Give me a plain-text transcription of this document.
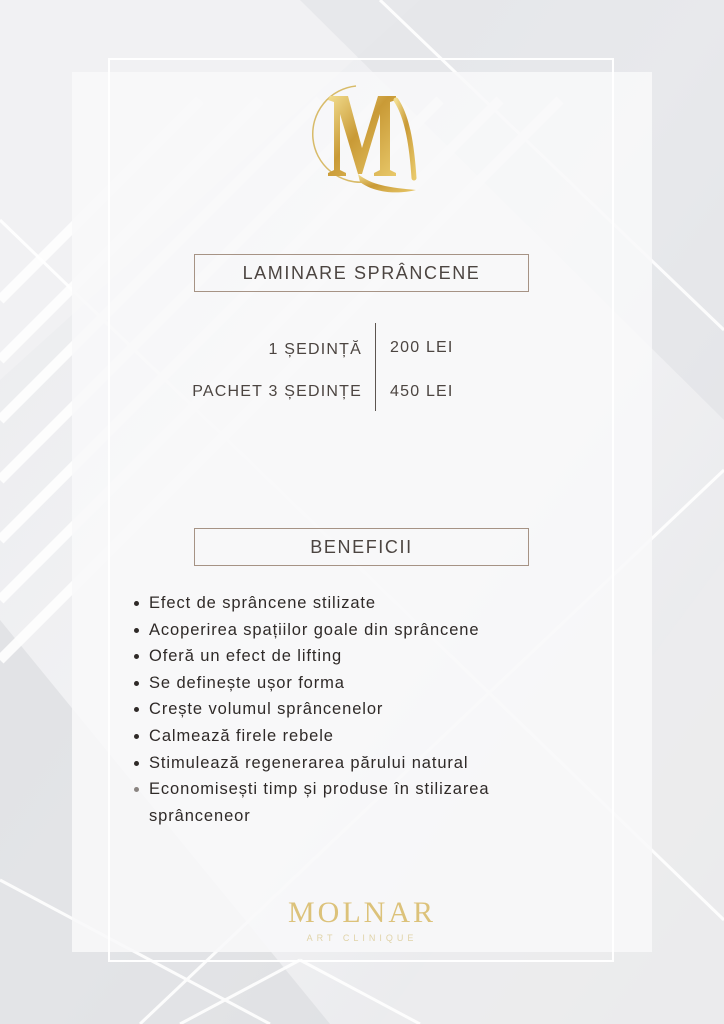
LAMINARE SPRÂNCENE
1 ȘEDINȚĂ 200 LEI
PACHET 3 ȘEDINȚE 450 LEI
BENEFICII
Efect de sprâncene stilizate
Acoperirea spațiilor goale din sprâncene
Oferă un efect de lifting
Se definește ușor forma
Crește volumul sprâncenelor
Calmează firele rebele
Stimulează regenerarea părului natural
Economisești timp și produse în stilizarea sprânceneor
MOLNAR
ART CLINIQUE
